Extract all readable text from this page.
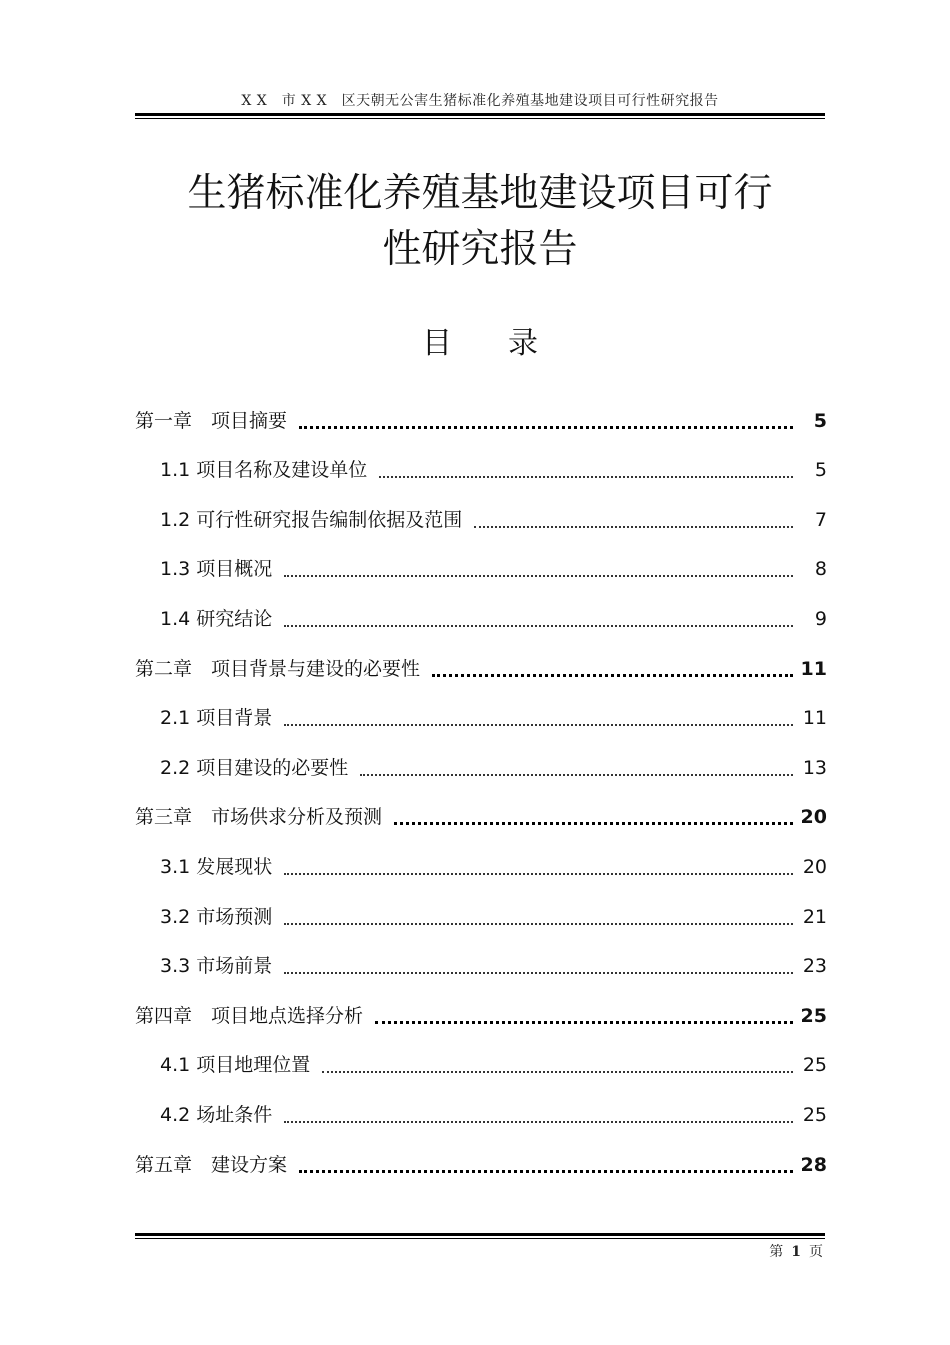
X X　市 X X　区天朝无公害生猪标准化养殖基地建设项目可行性研究报告
生猪标准化养殖基地建设项目可行
性研究报告
目 录
第一章　项目摘要	5
1.1 项目名称及建设单位	5
1.2 可行性研究报告编制依据及范围	7
1.3 项目概况	8
1.4 研究结论	9
第二章　项目背景与建设的必要性	11
2.1 项目背景	11
2.2 项目建设的必要性	13
第三章　市场供求分析及预测	20
3.1 发展现状	20
3.2 市场预测	21
3.3 市场前景	23
第四章　项目地点选择分析	25
4.1 项目地理位置	25
4.2 场址条件	25
第五章　建设方案	28
第 1 页
